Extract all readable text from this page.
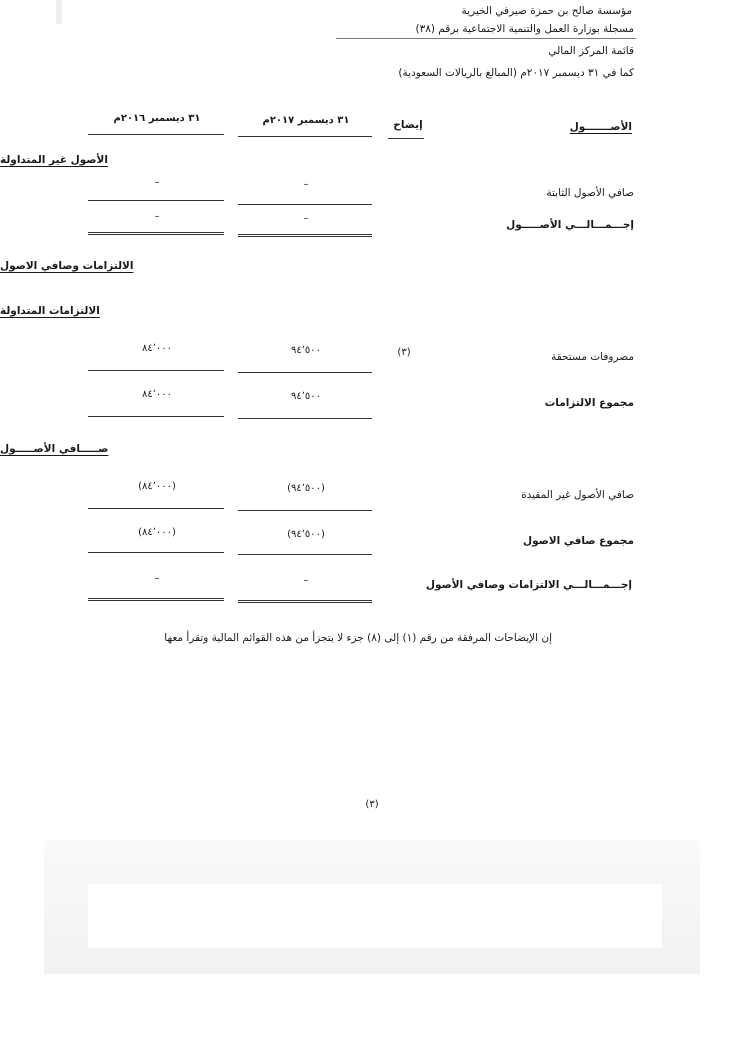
مؤسسة صالح بن حمزة صيرفي الخيرية
مسجلة بوزارة العمل والتنمية الاجتماعية برقم (٣٨)
قائمة المركز المالي
كما في ٣١ ديسمبر ٢٠١٧م (المبالغ بالريالات السعودية)
الأصـــــــول
إيضاح
٣١ ديسمبر ٢٠١٧م
٣١ ديسمبر ٢٠١٦م
الأصول غير المتداولة
صافي الأصول الثابتة
–
–
إجـــمـــالـــي الأصـــــول
–
–
الالتزامات وصافي الاصول
الالتزامات المتداولة
مصروفات مستحقة
(٣)
٩٤٬٥٠٠
٨٤٬٠٠٠
مجموع الالتزامات
٩٤٬٥٠٠
٨٤٬٠٠٠
صـــــافي الأصـــــول
صافي الأصول غير المقيدة
(٩٤٬٥٠٠)
(٨٤٬٠٠٠)
مجموع صافي الاصول
(٩٤٬٥٠٠)
(٨٤٬٠٠٠)
إجـــمـــالـــي الالتزامات وصافي الأصول
–
–
إن الإيضاحات المرفقة من رقم (١) إلى (٨) جزء لا يتجزأ من هذه القوائم المالية وتقرأ معها
(٣)
